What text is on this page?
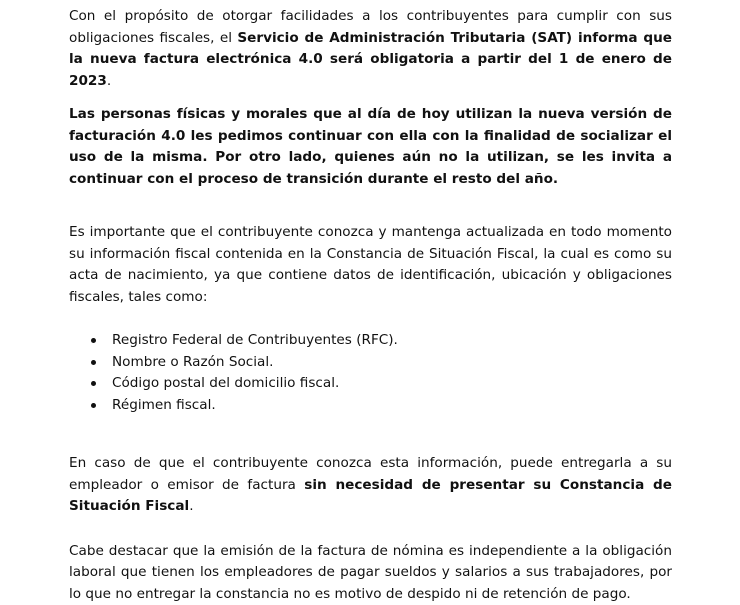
Con el propósito de otorgar facilidades a los contribuyentes para cumplir con sus obligaciones fiscales, el Servicio de Administración Tributaria (SAT) informa que la nueva factura electrónica 4.0 será obligatoria a partir del 1 de enero de 2023.

Las personas físicas y morales que al día de hoy utilizan la nueva versión de facturación 4.0 les pedimos continuar con ella con la finalidad de socializar el uso de la misma. Por otro lado, quienes aún no la utilizan, se les invita a continuar con el proceso de transición durante el resto del año.

Es importante que el contribuyente conozca y mantenga actualizada en todo momento su información fiscal contenida en la Constancia de Situación Fiscal, la cual es como su acta de nacimiento, ya que contiene datos de identificación, ubicación y obligaciones fiscales, tales como:

Registro Federal de Contribuyentes (RFC).
Nombre o Razón Social.
Código postal del domicilio fiscal.
Régimen fiscal.

En caso de que el contribuyente conozca esta información, puede entregarla a su empleador o emisor de factura sin necesidad de presentar su Constancia de Situación Fiscal.

Cabe destacar que la emisión de la factura de nómina es independiente a la obligación laboral que tienen los empleadores de pagar sueldos y salarios a sus trabajadores, por lo que no entregar la constancia no es motivo de despido ni de retención de pago.
